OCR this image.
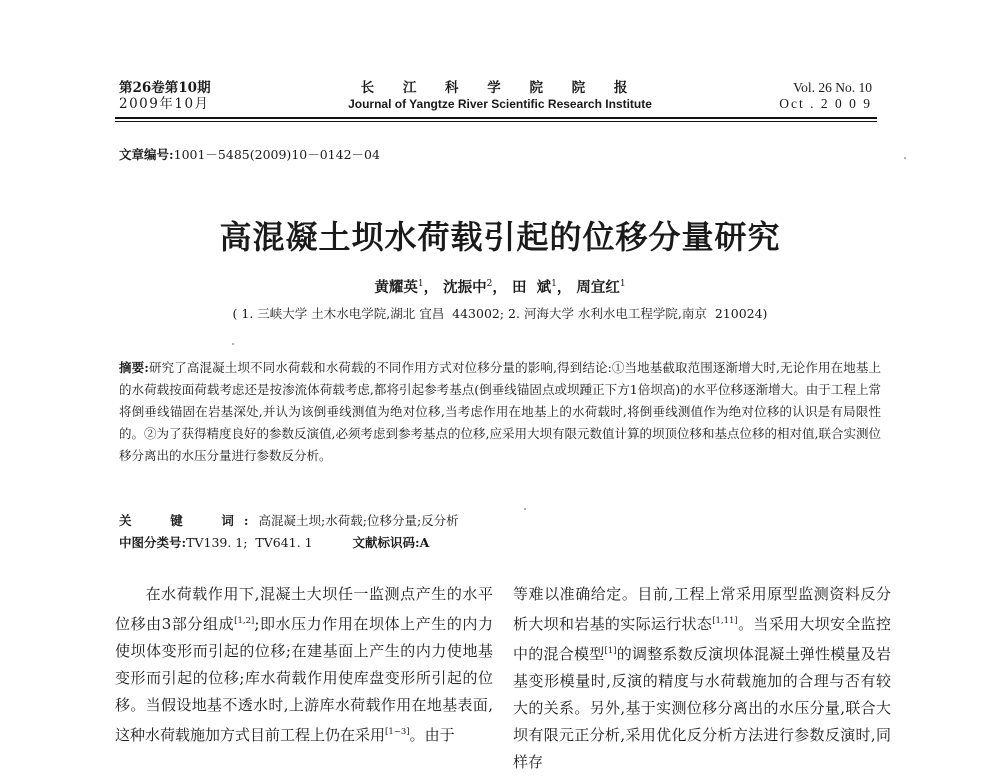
第26卷第10期
2009年10月
长 江 科 学 院 院 报
Journal of Yangtze River Scientific Research Institute
Vol. 26 No. 10
Oct . 2 0 0 9
文章编号:1001－5485(2009)10－0142－04
高混凝土坝水荷载引起的位移分量研究
黄耀英$^1$， 沈振中$^2$， 田  斌$^1$， 周宜红$^1$
( 1. 三峡大学 土木水电学院,湖北 宜昌  443002; 2. 河海大学 水利水电工程学院,南京  210024)
摘要:研究了高混凝土坝不同水荷载和水荷载的不同作用方式对位移分量的影响,得到结论:①当地基截取范围逐渐增大时,无论作用在地基上的水荷载按面荷载考虑还是按渗流体荷载考虑,都将引起参考基点(倒垂线锚固点或坝踵正下方1倍坝高)的水平位移逐渐增大。由于工程上常将倒垂线锚固在岩基深处,并认为该倒垂线测值为绝对位移,当考虑作用在地基上的水荷载时,将倒垂线测值作为绝对位移的认识是有局限性的。②为了获得精度良好的参数反演值,必须考虑到参考基点的位移,应采用大坝有限元数值计算的坝顶位移和基点位移的相对值,联合实测位移分离出的水压分量进行参数反分析。
关  键  词:高混凝土坝;水荷载;位移分量;反分析
中图分类号:TV139. 1;  TV641. 1	文献标识码:A
在水荷载作用下,混凝土大坝任一监测点产生的水平位移由3部分组成[1,2];即水压力作用在坝体上产生的内力使坝体变形而引起的位移;在建基面上产生的内力使地基变形而引起的位移;库水荷载作用使库盘变形所引起的位移。当假设地基不透水时,上游库水荷载作用在地基表面,这种水荷载施加方式目前工程上仍在采用[1~3]。由于
等难以准确给定。目前,工程上常采用原型监测资料反分析大坝和岩基的实际运行状态[1,11]。当采用大坝安全监控中的混合模型[1]的调整系数反演坝体混凝土弹性模量及岩基变形模量时,反演的精度与水荷载施加的合理与否有较大的关系。另外,基于实测位移分离出的水压分量,联合大坝有限元正分析,采用优化反分析方法进行参数反演时,同样存
